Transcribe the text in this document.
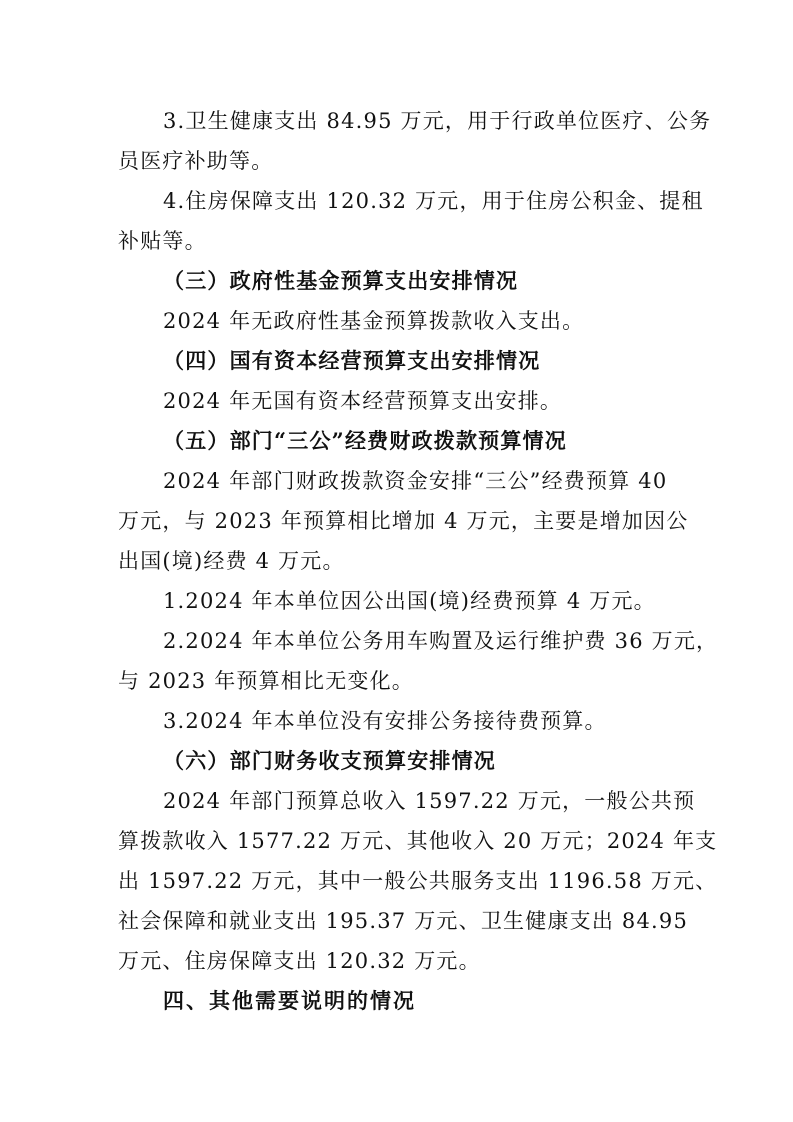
3.卫生健康支出 84.95 万元，用于行政单位医疗、公务
员医疗补助等。
4.住房保障支出 120.32 万元，用于住房公积金、提租
补贴等。
（三）政府性基金预算支出安排情况
2024 年无政府性基金预算拨款收入支出。
（四）国有资本经营预算支出安排情况
2024 年无国有资本经营预算支出安排。
（五）部门“三公”经费财政拨款预算情况
2024 年部门财政拨款资金安排“三公”经费预算 40
万元，与 2023 年预算相比增加 4 万元，主要是增加因公
出国(境)经费 4 万元。
1.2024 年本单位因公出国(境)经费预算 4 万元。
2.2024 年本单位公务用车购置及运行维护费 36 万元，
与 2023 年预算相比无变化。
3.2024 年本单位没有安排公务接待费预算。
（六）部门财务收支预算安排情况
2024 年部门预算总收入 1597.22 万元，一般公共预
算拨款收入 1577.22 万元、其他收入 20 万元；2024 年支
出 1597.22 万元，其中一般公共服务支出 1196.58 万元、
社会保障和就业支出 195.37 万元、卫生健康支出 84.95
万元、住房保障支出 120.32 万元。
四、其他需要说明的情况
